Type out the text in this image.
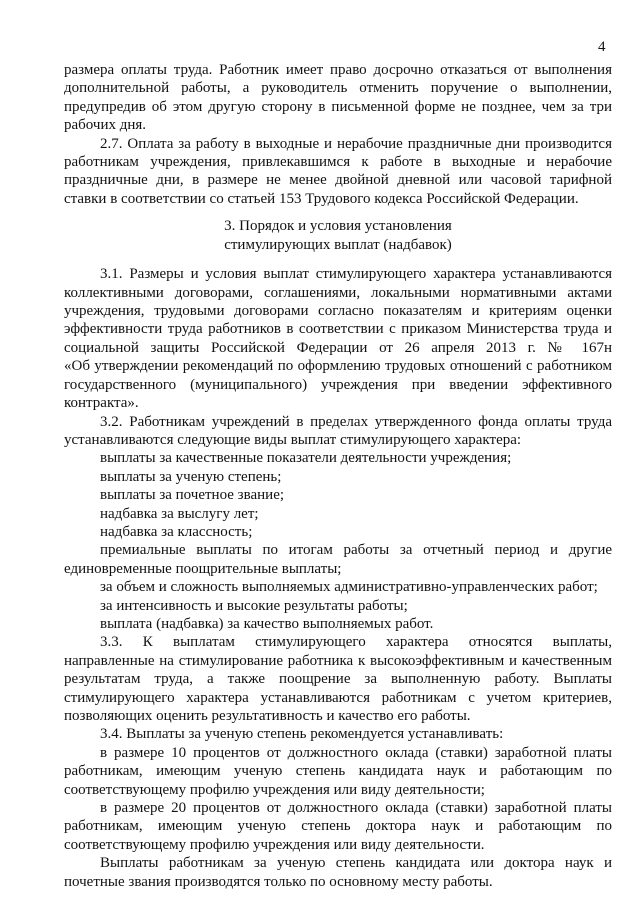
4

размера оплаты труда. Работник имеет право досрочно отказаться от выполнения

дополнительной работы, а руководитель отменить поручение о выполнении,

предупредив об этом другую сторону в письменной форме не позднее, чем за три

рабочих дня.

2.7. Оплата за работу в выходные и нерабочие праздничные дни производится

работникам учреждения, привлекавшимся к работе в выходные и нерабочие

праздничные дни, в размере не менее двойной дневной или часовой тарифной

ставки в соответствии со статьей 153 Трудового кодекса Российской Федерации.

3. Порядок и условия установления
стимулирующих выплат (надбавок)

3.1. Размеры и условия выплат стимулирующего характера устанавливаются

коллективными договорами, соглашениями, локальными нормативными актами

учреждения, трудовыми договорами согласно показателям и критериям оценки

эффективности труда работников в соответствии с приказом Министерства труда и

социальной защиты Российской Федерации от 26 апреля 2013 г. № 167н

«Об утверждении рекомендаций по оформлению трудовых отношений с работником

государственного (муниципального) учреждения при введении эффективного

контракта».

3.2. Работникам учреждений в пределах утвержденного фонда оплаты труда

устанавливаются следующие виды выплат стимулирующего характера:

выплаты за качественные показатели деятельности учреждения;

выплаты за ученую степень;

выплаты за почетное звание;

надбавка за выслугу лет;

надбавка за классность;

премиальные выплаты по итогам работы за отчетный период и другие

единовременные поощрительные выплаты;

за объем и сложность выполняемых административно-управленческих работ;

за интенсивность и высокие результаты работы;

выплата (надбавка) за качество выполняемых работ.

3.3. К выплатам стимулирующего характера относятся выплаты,

направленные на стимулирование работника к высокоэффективным и качественным

результатам труда, а также поощрение за выполненную работу. Выплаты

стимулирующего характера устанавливаются работникам с учетом критериев,

позволяющих оценить результативность и качество его работы.

3.4. Выплаты за ученую степень рекомендуется устанавливать:

в размере 10 процентов от должностного оклада (ставки) заработной платы

работникам, имеющим ученую степень кандидата наук и работающим по

соответствующему профилю учреждения или виду деятельности;

в размере 20 процентов от должностного оклада (ставки) заработной платы

работникам, имеющим ученую степень доктора наук и работающим по

соответствующему профилю учреждения или виду деятельности.

Выплаты работникам за ученую степень кандидата или доктора наук и

почетные звания производятся только по основному месту работы.
